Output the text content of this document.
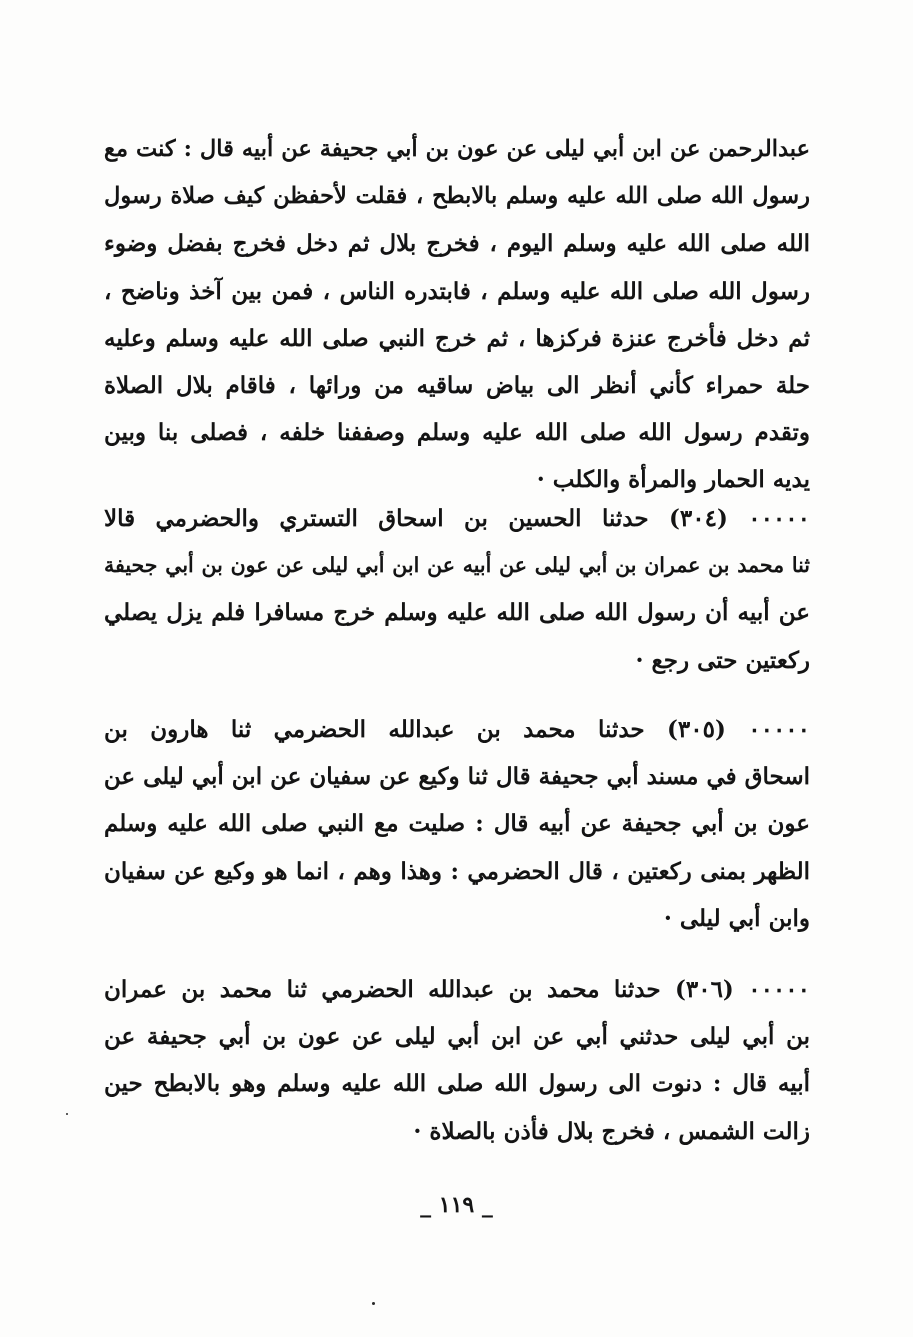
عبدالرحمن عن ابن أبي ليلى عن عون بن أبي جحيفة عن أبيه قال : كنت مع
رسول الله صلى الله عليه وسلم بالابطح ، فقلت لأحفظن كيف صلاة رسول
الله صلى الله عليه وسلم اليوم ، فخرج بلال ثم دخل فخرج بفضل وضوء
رسول الله صلى الله عليه وسلم ، فابتدره الناس ، فمن بين آخذ وناضح ،
ثم دخل فأخرج عنزة فركزها ، ثم خرج النبي صلى الله عليه وسلم وعليه
حلة حمراء كأني أنظر الى بياض ساقيه من ورائها ، فاقام بلال الصلاة
وتقدم رسول الله صلى الله عليه وسلم وصففنا خلفه ، فصلى بنا وبين
يديه الحمار والمرأة والكلب ·
٠٠٠٠٠ (٣٠٤) حدثنا الحسين بن اسحاق التستري والحضرمي قالا
ثنا محمد بن عمران بن أبي ليلى عن أبيه عن ابن أبي ليلى عن عون بن أبي جحيفة
عن أبيه أن رسول الله صلى الله عليه وسلم خرج مسافرا فلم يزل يصلي
ركعتين حتى رجع ·
٠٠٠٠٠ (٣٠٥) حدثنا محمد بن عبدالله الحضرمي ثنا هارون بن
اسحاق في مسند أبي جحيفة قال ثنا وكيع عن سفيان عن ابن أبي ليلى عن
عون بن أبي جحيفة عن أبيه قال : صليت مع النبي صلى الله عليه وسلم
الظهر بمنى ركعتين ، قال الحضرمي : وهذا وهم ، انما هو وكيع عن سفيان
وابن أبي ليلى ·
٠٠٠٠٠ (٣٠٦) حدثنا محمد بن عبدالله الحضرمي ثنا محمد بن عمران
بن أبي ليلى حدثني أبي عن ابن أبي ليلى عن عون بن أبي جحيفة عن
أبيه قال : دنوت الى رسول الله صلى الله عليه وسلم وهو بالابطح حين
زالت الشمس ، فخرج بلال فأذن بالصلاة ·
_ ١١٩ _
